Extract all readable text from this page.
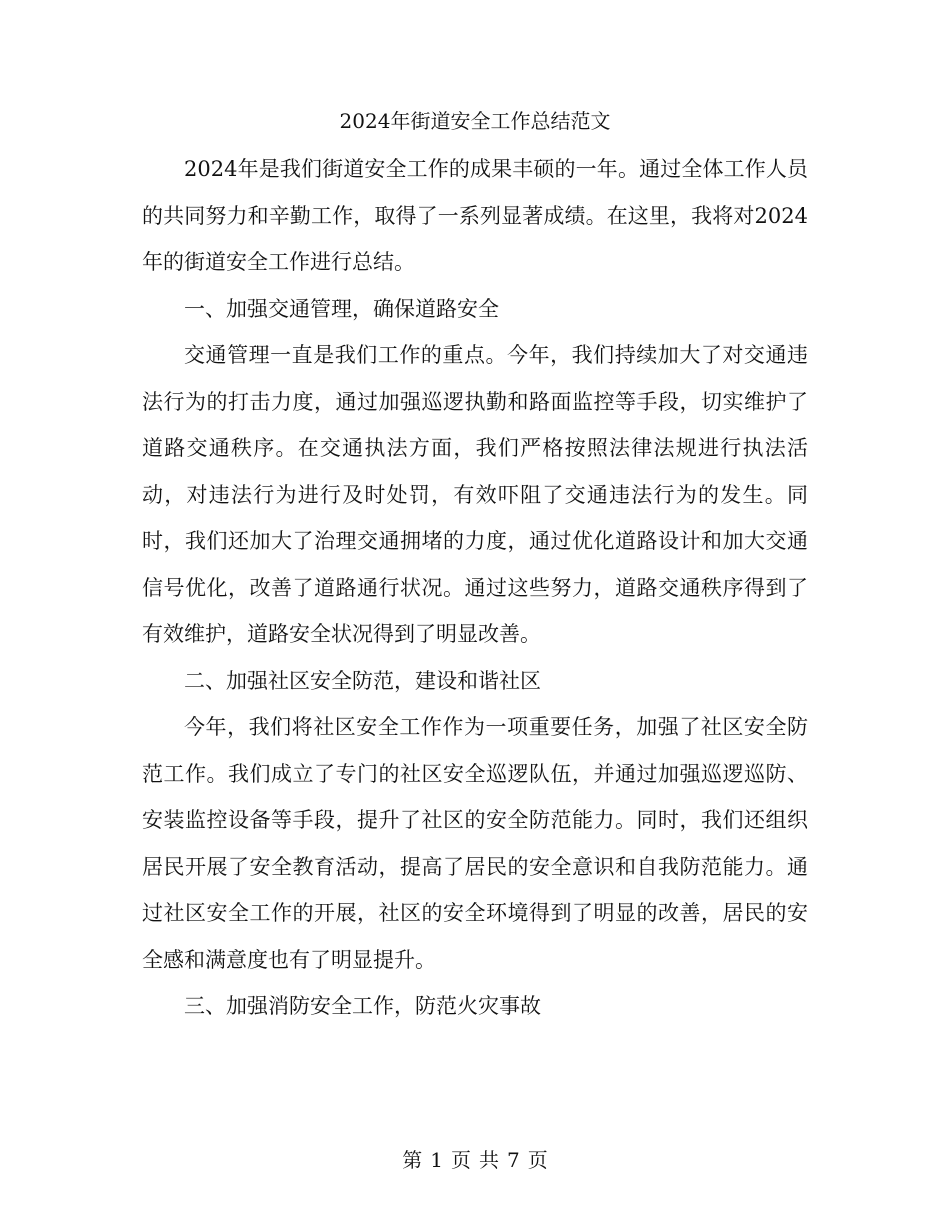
2024年街道安全工作总结范文

2024年是我们街道安全工作的成果丰硕的一年。通过全体工作人员的共同努力和辛勤工作，取得了一系列显著成绩。在这里，我将对2024年的街道安全工作进行总结。

一、加强交通管理，确保道路安全

交通管理一直是我们工作的重点。今年，我们持续加大了对交通违法行为的打击力度，通过加强巡逻执勤和路面监控等手段，切实维护了道路交通秩序。在交通执法方面，我们严格按照法律法规进行执法活动，对违法行为进行及时处罚，有效吓阻了交通违法行为的发生。同时，我们还加大了治理交通拥堵的力度，通过优化道路设计和加大交通信号优化，改善了道路通行状况。通过这些努力，道路交通秩序得到了有效维护，道路安全状况得到了明显改善。

二、加强社区安全防范，建设和谐社区

今年，我们将社区安全工作作为一项重要任务，加强了社区安全防范工作。我们成立了专门的社区安全巡逻队伍，并通过加强巡逻巡防、安装监控设备等手段，提升了社区的安全防范能力。同时，我们还组织居民开展了安全教育活动，提高了居民的安全意识和自我防范能力。通过社区安全工作的开展，社区的安全环境得到了明显的改善，居民的安全感和满意度也有了明显提升。

三、加强消防安全工作，防范火灾事故

第 1 页 共 7 页
